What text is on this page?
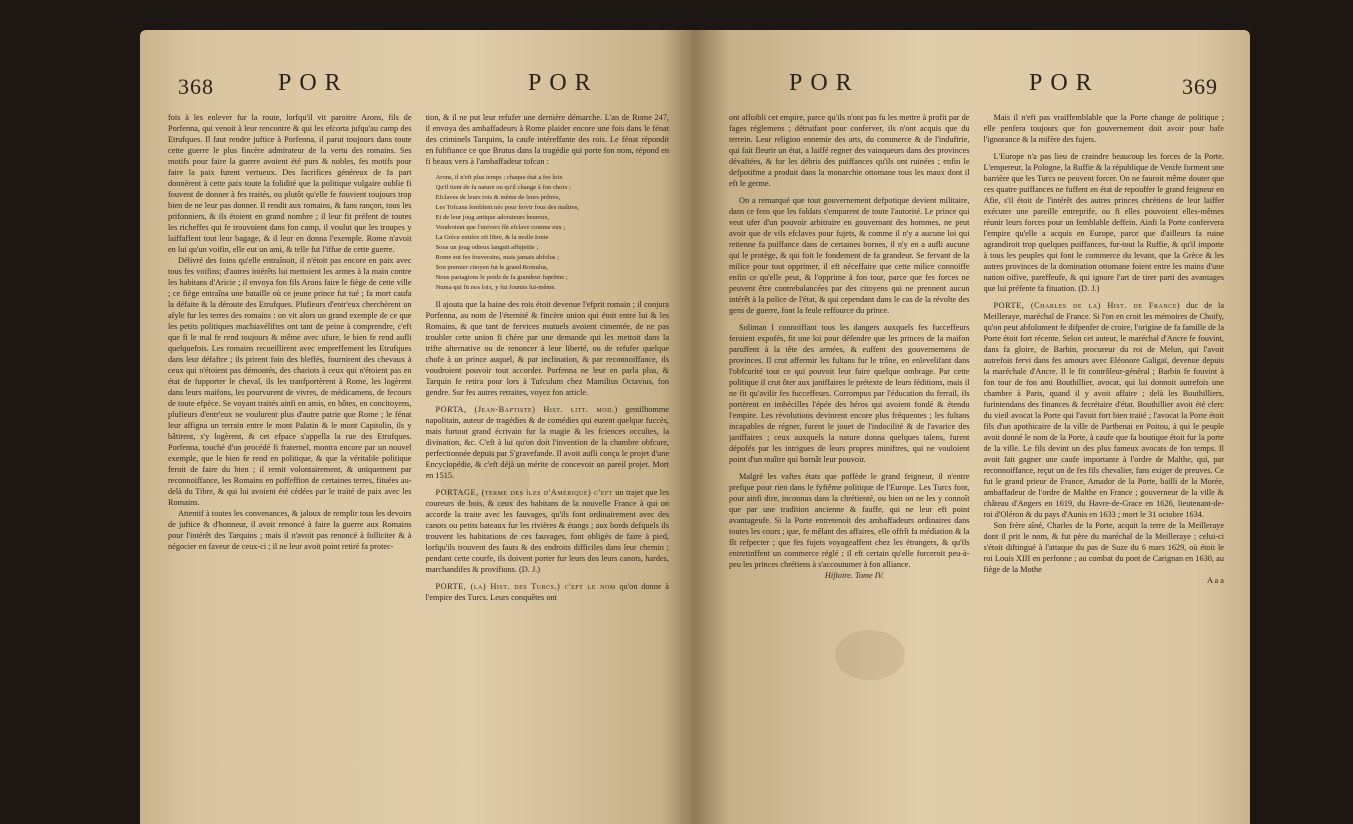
368	POR	POR

fois à les enlever fur la route, lorfqu'il vit paroitre Arons, fils de Porfenna, qui venoit à leur rencontre & qui les efcorta jufqu'au camp des Etrufques. Il faut rendre juftice à Porfenna, il parut toujours dans toute cette guerre le plus fincère admirateur de la vertu des romains. Ses motifs pour faire la guerre avoient été purs & nobles, fes motifs pour faire la paix furent vertueux. Des facrifices généreux de fa part donnèrent à cette paix toute la folidité que la politique vulgaire oublie fi fouvent de donner à fes traités, ou plutôt qu'elle fe fouvient toujours trop bien de ne leur pas donner. Il rendit aux romains, & fans rançon, tous les prifonniers, & ils étoient en grand nombre ; il leur fit préfent de toutes les richeffes qui fe trouvoient dans fon camp, il voulut que les troupes y laiffaffent tout leur bagage, & il leur en donna l'exemple. Rome n'avoit en lui qu'un voifin, elle eut un ami, & telle fut l'iffue de cette guerre.

Délivré des foins qu'elle entraînoit, il n'étoit pas encore en paix avec tous fes voifins; d'autres intérêts lui mettoient les armes à la main contre les habitans d'Aricie ; il envoya fon fils Arons faire le fiège de cette ville ; ce fiège entraîna une bataille où ce jeune prince fut tué ; fa mort caufa la défaite & la déroute des Etrufques. Plufieurs d'entr'eux cherchèrent un afyle fur les terres des romains : on vit alors un grand exemple de ce que les petits politiques machiavéliftes ont tant de peine à comprendre, c'eft que fi le mal fe rend toujours & même avec ufure, le bien fe rend aufli quelquefois. Les romains recueillirent avec empreffement les Etrufques dans leur défaftre ; ils prirent foin des bleffés, fournirent des chevaux à ceux qui n'étoient pas démontés, des chariots à ceux qui n'étoient pas en état de fupporter le cheval, ils les tranfportèrent à Rome, les logèrent dans leurs maifons, les pourvurent de vivres, de médicamens, de fecours de toute efpèce. Se voyant traités ainfi en amis, en hôtes, en concitoyens, plufieurs d'entr'eux ne voulurent plus d'autre patrie que Rome ; le fénat leur affigna un terrain entre le mont Palatin & le mont Capitolin, ils y bâtirent, s'y logèrent, & cet efpace s'appella la rue des Etrufques. Porfenna, touché d'un procédé fi fraternel, montra encore par un nouvel exemple, que le bien fe rend en politique, & que la véritable politique feroit de faire du bien ; il remit volontairement, & uniquement par reconnoiffance, les Romains en poffeffion de certaines terres, fituées au-delà du Tibre, & qui lui avoient été cédées par le traité de paix avec les Romains.

Attentif à toutes les convenances, & jaloux de remplir tous les devoirs de juftice & d'honneur, il avoit renoncé à faire la guerre aux Romains pour l'intérêt des Tarquins ; mais il n'avoit pas renoncé à folliciter & à négocier en faveur de ceux-ci ; il ne leur avoit point retiré fa protec-

tion, & il ne put leur refufer une dernière démarche. L'an de Rome 247, il envoya des ambaffadeurs à Rome plaider encore une fois dans le fénat des criminels Tarquins, la caufe intéreffante des rois. Le fénat répondit en fubftance ce que Brutus dans la tragédie qui porte fon nom, répond en fi beaux vers à l'ambaffadeur tofcan :

Arons, il n'eft plus temps ; chaque état a fes loix
Qu'il tient de fa nature ou qu'il change à fon choix ;
Efclaves de leurs rois & même de leurs prêtres,
Les Tofcans femblent nés pour fervir fous des maîtres,
Et de leur joug antique adorateurs heureux,
Voudroient que l'univers fût efclave comme eux ;
La Grèce entière eft libre, & la molle Ionie
Sous un joug odieux languit affujettie ;
Rome eut fes fouverains, mais jamais abfolus ;
Son premier citoyen fut le grand Romulus,
Nous partagions le poids de fa grandeur fuprême ;
Numa qui fit nos loix, y fut foumis lui-même.

Il ajouta que la haine des rois étoit devenue l'efprit romain ; il conjura Porfenna, au nom de l'éternité & fincère union qui étoit entre lui & les Romains, & que tant de fervices mutuels avoient cimentée, de ne pas troubler cette union fi chère par une demande qui les mettoit dans la trifte alternative ou de renoncer à leur liberté, ou de refufer quelque chofe à un prince auquel, & par inclination, & par reconnoiffance, ils voudroient pouvoir tout accorder. Porfenna ne leur en parla plus, & Tarquin fe retira pour lors à Tufculum chez Mamilius Octavius, fon gendre. Sur fes autres retraites, voyez fon article.

PORTA, (Jean-Baptiste) Hiſt. litt. mod.) gentilhomme napolitain, auteur de tragédies & de comédies qui eurent quelque fuccès, mais furtout grand écrivain fur la magie & les fciences occultes, la divination, &c. C'eft à lui qu'on doit l'invention de la chambre obfcure, perfectionnée depuis par S'gravefande. Il avoit aufli conçu le projet d'une Encyclopédie, & c'eft déjà un mérite de concevoir un pareil projet. Mort en 1515.

PORTAGE, (terme des îles d'Amérique) c'eft un trajet que les coureurs de bois, & ceux des habitans de la nouvelle France à qui on accorde la traite avec les fauvages, qu'ils font ordinairement avec des canots ou petits bateaux fur les rivières & étangs ; aux bords defquels ils trouvent les habitations de ces fauvages, font obligés de faire à pied, lorfqu'ils trouvent des fauts & des endroits difficiles dans leur chemin ; pendant cette courfe, ils doivent porter fur leurs dos leurs canots, hardes, marchandifes & provifions. (D. J.)

PORTE, (la) Hiſt. des Turcs.) c'eft le nom qu'on donne à l'empire des Turcs. Leurs conquêtes ont

POR	POR	369

ont affoibli cet empire, parce qu'ils n'ont pas fu les mettre à profit par de fages réglemens ; détruifant pour conferver, ils n'ont acquis que du terrein. Leur religion ennemie des arts, du commerce & de l'induftrie, qui fait fleurir un état, a laiffé regner des vainqueurs dans des provinces dévaftées, & fur les débris des puiffances qu'ils ont ruinées ; enfin le defpotifme a produit dans la monarchie ottomane tous les maux dont il eft le germe.

On a remarqué que tout gouvernement defpotique devient militaire, dans ce fens que les foldats s'emparent de toute l'autorité. Le prince qui veut ufer d'un pouvoir arbitraire en gouvernant des hommes, ne peut avoir que de vils efclaves pour fujets, & comme il n'y a aucune loi qui retienne fa puiffance dans de certaines bornes, il n'y en a aufli aucune qui le protège, & qui foit le fondement de fa grandeur. Se fervant de la milice pour tout opprimer, il eft néceffaire que cette milice connoiffe enfin ce qu'elle peut, & l'opprime à fon tour, parce que fes forces ne peuvent être contrebalancées par des citoyens qui ne prennent aucun intérêt à la police de l'état, & qui cependant dans le cas de la révolte des gens de guerre, font la feule reffource du prince.

Soliman I connoiffant tous les dangers auxquels fes fucceffeurs feroient expofés, fit une loi pour défendre que les princes de la maifon paruffent à la tête des armées, & euffent des gouvernemens de provinces. Il crut affermir les fultans fur le trône, en enlevelifant dans l'obfcurité tout ce qui pouvoit leur faire quelque ombrage. Par cette politique il crut ôter aux janiffaires le prétexte de leurs féditions, mais il ne fit qu'avilir fes fucceffeurs. Corrompus par l'éducation du ferrail, ils portèrent en imbécilles l'épée des héros qui avoient fondé & étendu l'empire. Les révolutions devinrent encore plus fréquentes ; les fultans incapables de régner, furent le jouet de l'indocilité & de l'avarice des janiffaires ; ceux auxquels la nature donna quelques talens, furent dépofés par les intrigues de leurs propres miniftres, qui ne vouloient point d'un maître qui bornât leur pouvoir.

Malgré les vaftes états que poffède le grand feigneur, il n'entre prefque pour rien dans le fyftême politique de l'Europe. Les Turcs font, pour ainfi dire, inconnus dans la chrétienté, ou bien on ne les y connoît que par une tradition ancienne & fauffe, qui ne leur eft point avantageufe. Si la Porte entretenoit des ambaffadeurs ordinaires dans toutes les cours ; que, fe mêlant des affaires, elle offrît fa médiation & la fît refpecter ; que fes fujets voyageaffent chez les étrangers, & qu'ils entretinffent un commerce réglé ; il eft certain qu'elle forceroit peu-à-peu les princes chrétiens à s'accoutumer à fon alliance.

Hiſtoire. Tome IV.

Mais il n'eft pas vraiffemblable que la Porte change de politique ; elle penfera toujours que fon gouvernement doit avoir pour bafe l'ignorance & la mifère des fujets.

L'Europe n'a pas lieu de craindre beaucoup les forces de la Porte. L'empereur, la Pologne, la Ruffie & la république de Venife forment une barrière que les Turcs ne peuvent forcer. On ne fauroit même douter que ces quatre puiffances ne fuffent en état de repouffer le grand feigneur en Afie, s'il étoit de l'intérêt des autres princes chrétiens de leur laiffer exécuter une pareille entreprife, ou fi elles pouvoient elles-mêmes réunir leurs forces pour un femblable deffein. Ainfi la Porte confervera l'empire qu'elle a acquis en Europe, parce que d'ailleurs fa ruine agrandiroit trop quelques puiffances, fur-tout la Ruffie, & qu'il importe à tous les peuples qui font le commerce du levant, que la Grèce & les autres provinces de la domination ottomane foient entre les mains d'une nation oifive, pareffeufe, & qui ignore l'art de tirer parti des avantages que lui préfente fa fituation. (D. J.)

PORTE, (Charles de la) Hiſt. de France) duc de la Meilleraye, maréchal de France. Si l'on en croit les mémoires de Choify, qu'on peut abfolument fe difpenfer de croire, l'origine de fa famille de la Porte étoit fort récente. Selon cet auteur, le maréchal d'Ancre fe fouvint, dans fa gloire, de Barbin, procureur du roi de Melun, qui l'avoit autrefois fervi dans fes amours avec Eléonore Galigaï, devenue depuis la maréchale d'Ancre. Il le fit contrôleur-général ; Barbin fe fouvint à fon tour de fon ami Bouthillier, avocat, qui lui donnoit autrefois une chambre à Paris, quand il y avoit affaire ; delà les Bouthilliers, furintendans des finances & fecrétaire d'état. Bouthillier avoit été clerc du vieil avocat la Porte qui l'avoit fort bien traité ; l'avocat la Porte étoit fils d'un apothicaire de la ville de Parthenai en Poitou, à qui le peuple avoit donné le nom de la Porte, à caufe que fa boutique étoit fur la porte de la ville. Le fils devint un des plus fameux avocats de fon temps. Il avoit fait gagner une caufe importante à l'ordre de Malthe, qui, par reconnoiffance, reçut un de fes fils chevalier, fans exiger de preuves. Ce fut le grand prieur de France, Amador de la Porte, bailli de la Morée, ambaffadeur de l'ordre de Malthe en France ; gouverneur de la ville & château d'Angers en 1619, du Havre-de-Grace en 1626, lieutenant-de-roi d'Oléron & du pays d'Aunis en 1633 ; mort le 31 octobre 1634.

Son frère aîné, Charles de la Porte, acquit la terre de la Meilleraye dont il prit le nom, & fut père du maréchal de la Meilleraye ; celui-ci s'étoit diftingué à l'attaque du pas de Suze du 6 mars 1629, où étoit le roi Louis XIII en perfonne ; au combat du pont de Carignan en 1630, au fiège de la Mothe

A a a
